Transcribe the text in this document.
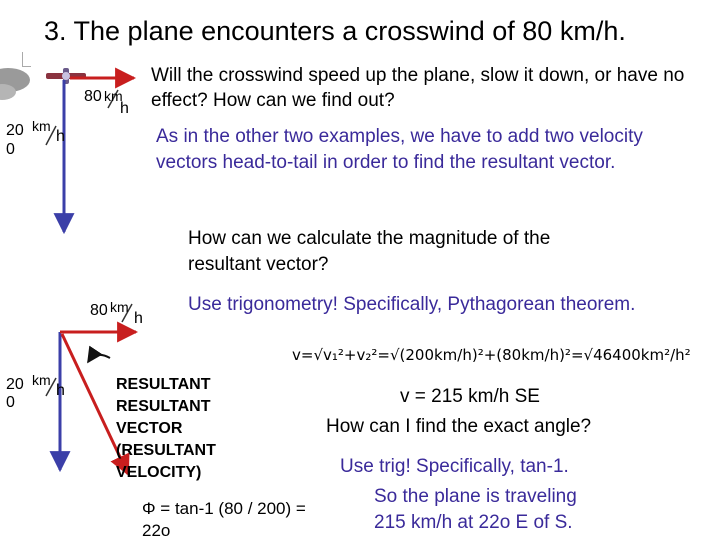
3. The plane encounters a crosswind of 80 km/h.
Will the crosswind speed up the plane, slow it down, or have no effect? How can we find out?
As in the other two examples, we have to add two velocity vectors head-to-tail in order to find the resultant vector.
How can we calculate the magnitude of the resultant vector?
Use trigonometry! Specifically, Pythagorean theorem.
80 km
h
20
0
km
h
80 km
h
20
0
km
h	RESULTANT
RESULTANT
VECTOR
(RESULTANT
VELOCITY)
v=√v₁²+v₂²=√(200km/h)²+(80km/h)²=√46400km²/h²
v = 215 km/h SE
How can I find the exact angle?
Use trig! Specifically, tan-1.
So the plane is traveling
215 km/h at 22o E of S.
Φ = tan-1 (80 / 200) =
22o
